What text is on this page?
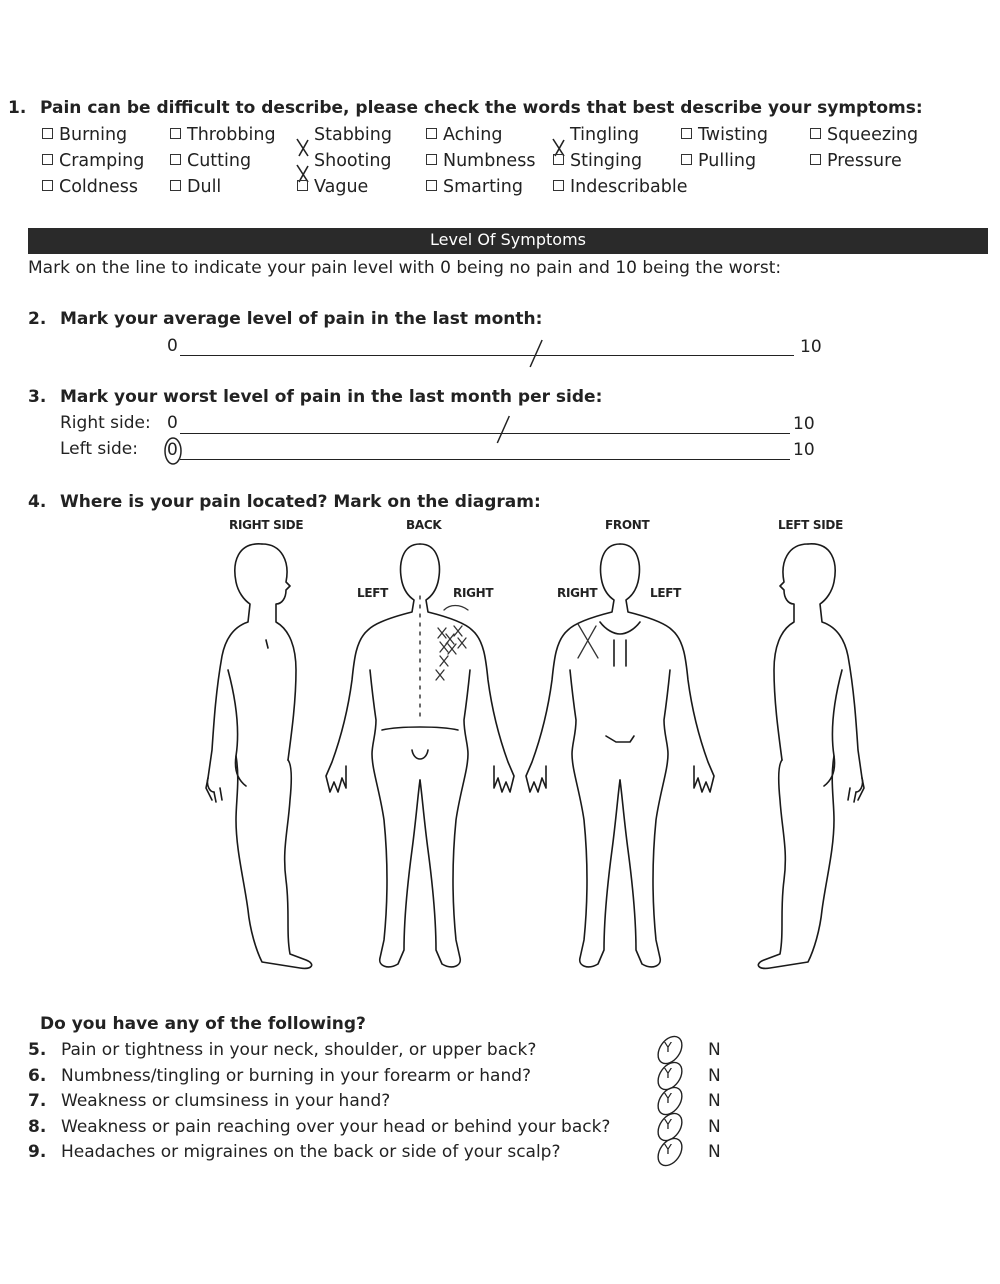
1. Pain can be difficult to describe, please check the words that best describe your symptoms:
Burning	Throbbing	Stabbing	Aching	Tingling	Twisting	Squeezing
Cramping	Cutting	Shooting	Numbness	Stinging	Pulling	Pressure
Coldness	Dull	Vague	Smarting	Indescribable
Level Of Symptoms
Mark on the line to indicate your pain level with 0 being no pain and 10 being the worst:
2. Mark your average level of pain in the last month:
0	10
3. Mark your worst level of pain in the last month per side:
Right side: 0	10
Left side: 0	10
4. Where is your pain located? Mark on the diagram:
RIGHT SIDE	BACK	FRONT	LEFT SIDE
LEFT	RIGHT	RIGHT	LEFT
Do you have any of the following?
5. Pain or tightness in your neck, shoulder, or upper back?	Y N
6. Numbness/tingling or burning in your forearm or hand?	Y N
7. Weakness or clumsiness in your hand?	Y N
8. Weakness or pain reaching over your head or behind your back?	Y N
9. Headaches or migraines on the back or side of your scalp?	Y N
